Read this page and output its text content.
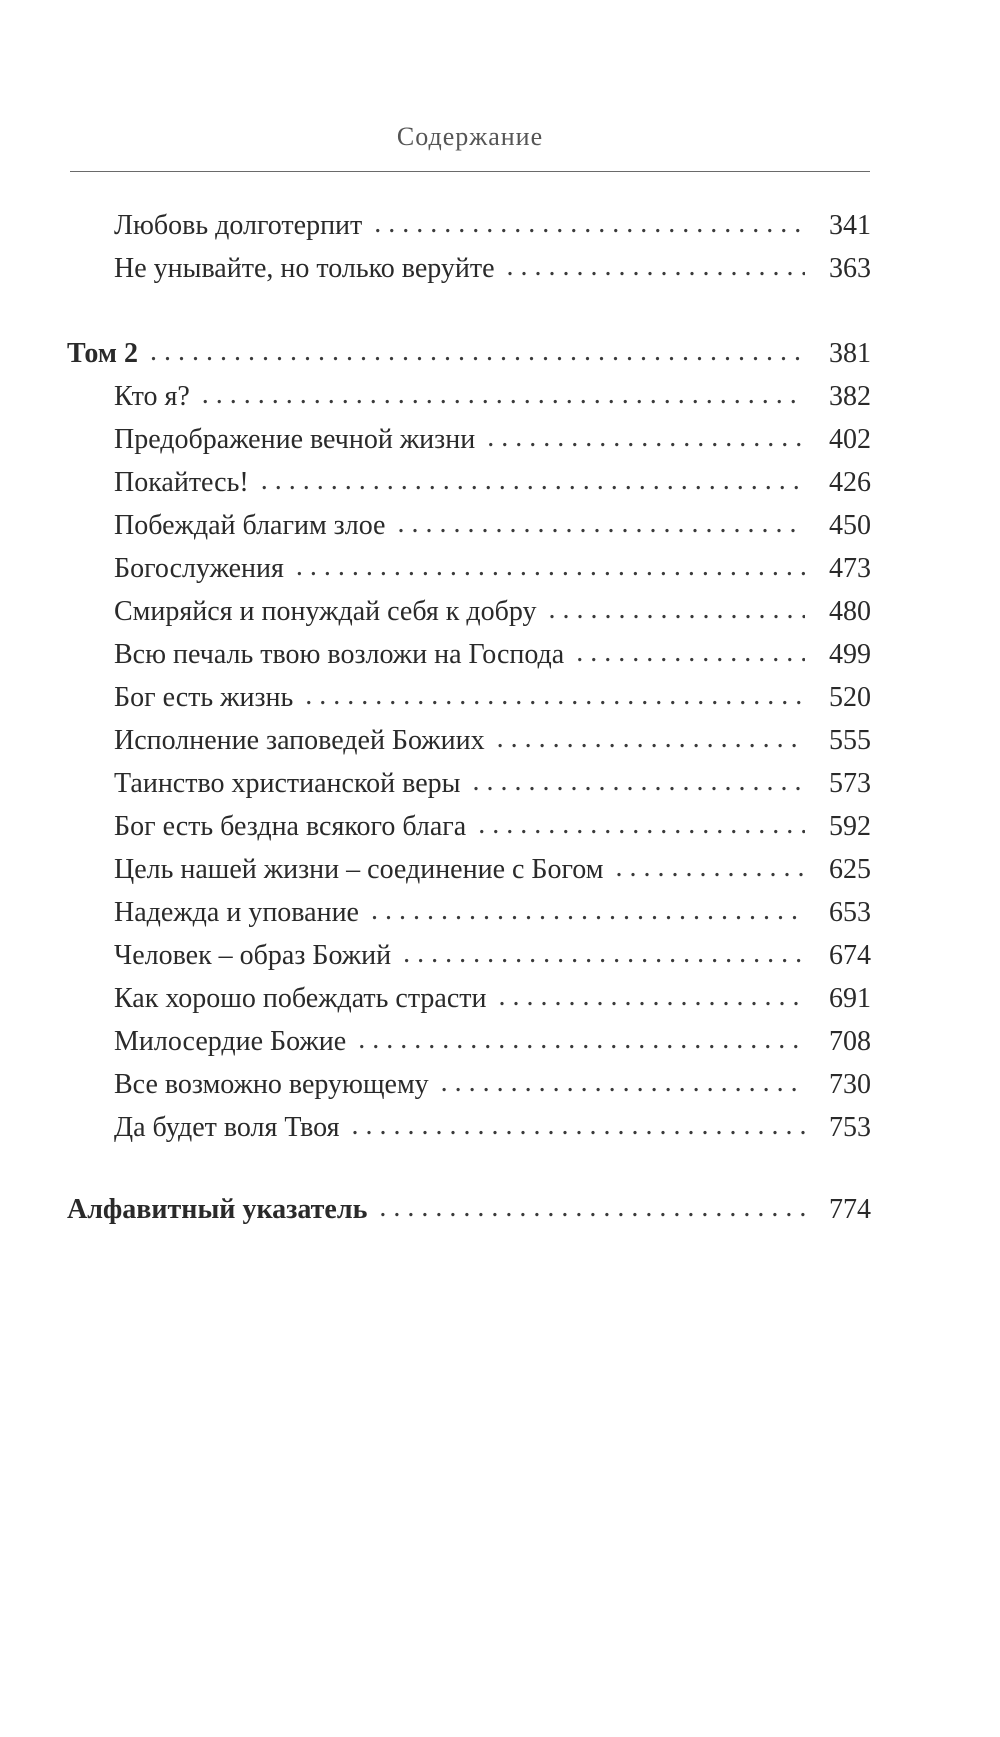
Содержание
Любовь долготерпит . . .	341
Не унывайте, но только веруйте . . .	363
Том 2 . . .	381
Кто я? . . .	382
Предображение вечной жизни . . .	402
Покайтесь! . . .	426
Побеждай благим злое . . .	450
Богослужения . . .	473
Смиряйся и понуждай себя к добру . . .	480
Всю печаль твою возложи на Господа . . .	499
Бог есть жизнь . . .	520
Исполнение заповедей Божиих . . .	555
Таинство христианской веры . . .	573
Бог есть бездна всякого блага . . .	592
Цель нашей жизни – соединение с Богом . . .	625
Надежда и упование . . .	653
Человек – образ Божий . . .	674
Как хорошо побеждать страсти . . .	691
Милосердие Божие . . .	708
Все возможно верующему . . .	730
Да будет воля Твоя . . .	753
Алфавитный указатель . . .	774
